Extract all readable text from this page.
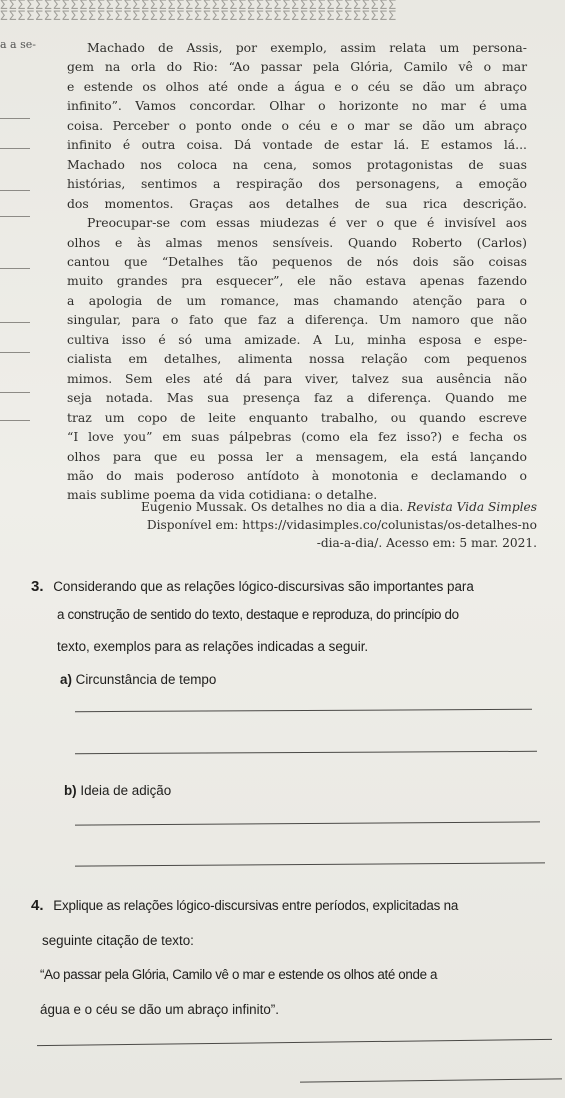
ΣΣΣΣΣΣΣΣΣΣΣΣΣΣΣΣΣΣΣΣΣΣΣΣΣΣΣΣΣΣΣΣΣΣΣΣΣΣΣΣΣΣΣΣΣ
ΣΣΣΣΣΣΣΣΣΣΣΣΣΣΣΣΣΣΣΣΣΣΣΣΣΣΣΣΣΣΣΣΣΣΣΣΣΣΣΣΣΣΣΣΣ
a a se-	Machado de Assis, por exemplo, assim relata um persona-
gem na orla do Rio: “Ao passar pela Glória, Camilo vê o mar
e estende os olhos até onde a água e o céu se dão um abraço
infinito”. Vamos concordar. Olhar o horizonte no mar é uma
coisa. Perceber o ponto onde o céu e o mar se dão um abraço
infinito é outra coisa. Dá vontade de estar lá. E estamos lá...
Machado nos coloca na cena, somos protagonistas de suas
histórias, sentimos a respiração dos personagens, a emoção
dos momentos. Graças aos detalhes de sua rica descrição.
Preocupar-se com essas miudezas é ver o que é invisível aos
olhos e às almas menos sensíveis. Quando Roberto (Carlos)
cantou que “Detalhes tão pequenos de nós dois são coisas
muito grandes pra esquecer”, ele não estava apenas fazendo
a apologia de um romance, mas chamando atenção para o
singular, para o fato que faz a diferença. Um namoro que não
cultiva isso é só uma amizade. A Lu, minha esposa e espe-
cialista em detalhes, alimenta nossa relação com pequenos
mimos. Sem eles até dá para viver, talvez sua ausência não
seja notada. Mas sua presença faz a diferença. Quando me
traz um copo de leite enquanto trabalho, ou quando escreve
“I love you” em suas pálpebras (como ela fez isso?) e fecha os
olhos para que eu possa ler a mensagem, ela está lançando
mão do mais poderoso antídoto à monotonia e declamando o
mais sublime poema da vida cotidiana: o detalhe.
Eugenio Mussak. Os detalhes no dia a dia. Revista Vida Simples
Disponível em: https://vidasimples.co/colunistas/os-detalhes-no
-dia-a-dia/. Acesso em: 5 mar. 2021.
3. Considerando que as relações lógico-discursivas são importantes para
a construção de sentido do texto, destaque e reproduza, do princípio do
texto, exemplos para as relações indicadas a seguir.
a) Circunstância de tempo
b) Ideia de adição
4. Explique as relações lógico-discursivas entre períodos, explicitadas na
seguinte citação de texto:
“Ao passar pela Glória, Camilo vê o mar e estende os olhos até onde a
água e o céu se dão um abraço infinito”.
